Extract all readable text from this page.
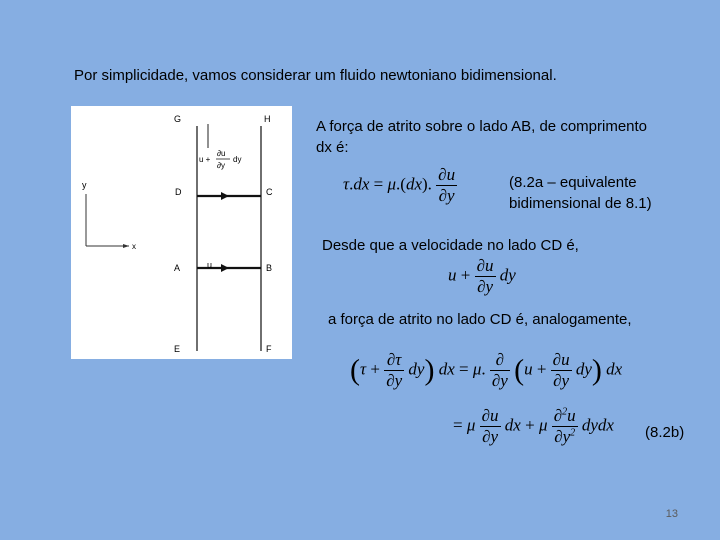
Por simplicidade, vamos considerar um fluido newtoniano bidimensional.
G	H
D	C
A	B
E	F
y
x
u
u +
∂u
∂y
dy
A força de atrito sobre o lado AB, de comprimento
dx é:
τ.dx = μ.(dx). $\frac{\partial u}{\partial y}$	(8.2a – equivalente
bidimensional de 8.1)
Desde que a velocidade no lado CD é,
$u + \frac{\partial u}{\partial y}$ dy
a força de atrito no lado CD é, analogamente,
$(\tau + \frac{\partial\tau}{\partial y} dy)$ dx = μ. $\frac{\partial}{\partial y} (u + \frac{\partial u}{\partial y} dy)$ dx
= μ $\frac{\partial u}{\partial y}$ dx + μ $\frac{\partial^2u}{\partial y^2}$ dydx (8.2b)
13
